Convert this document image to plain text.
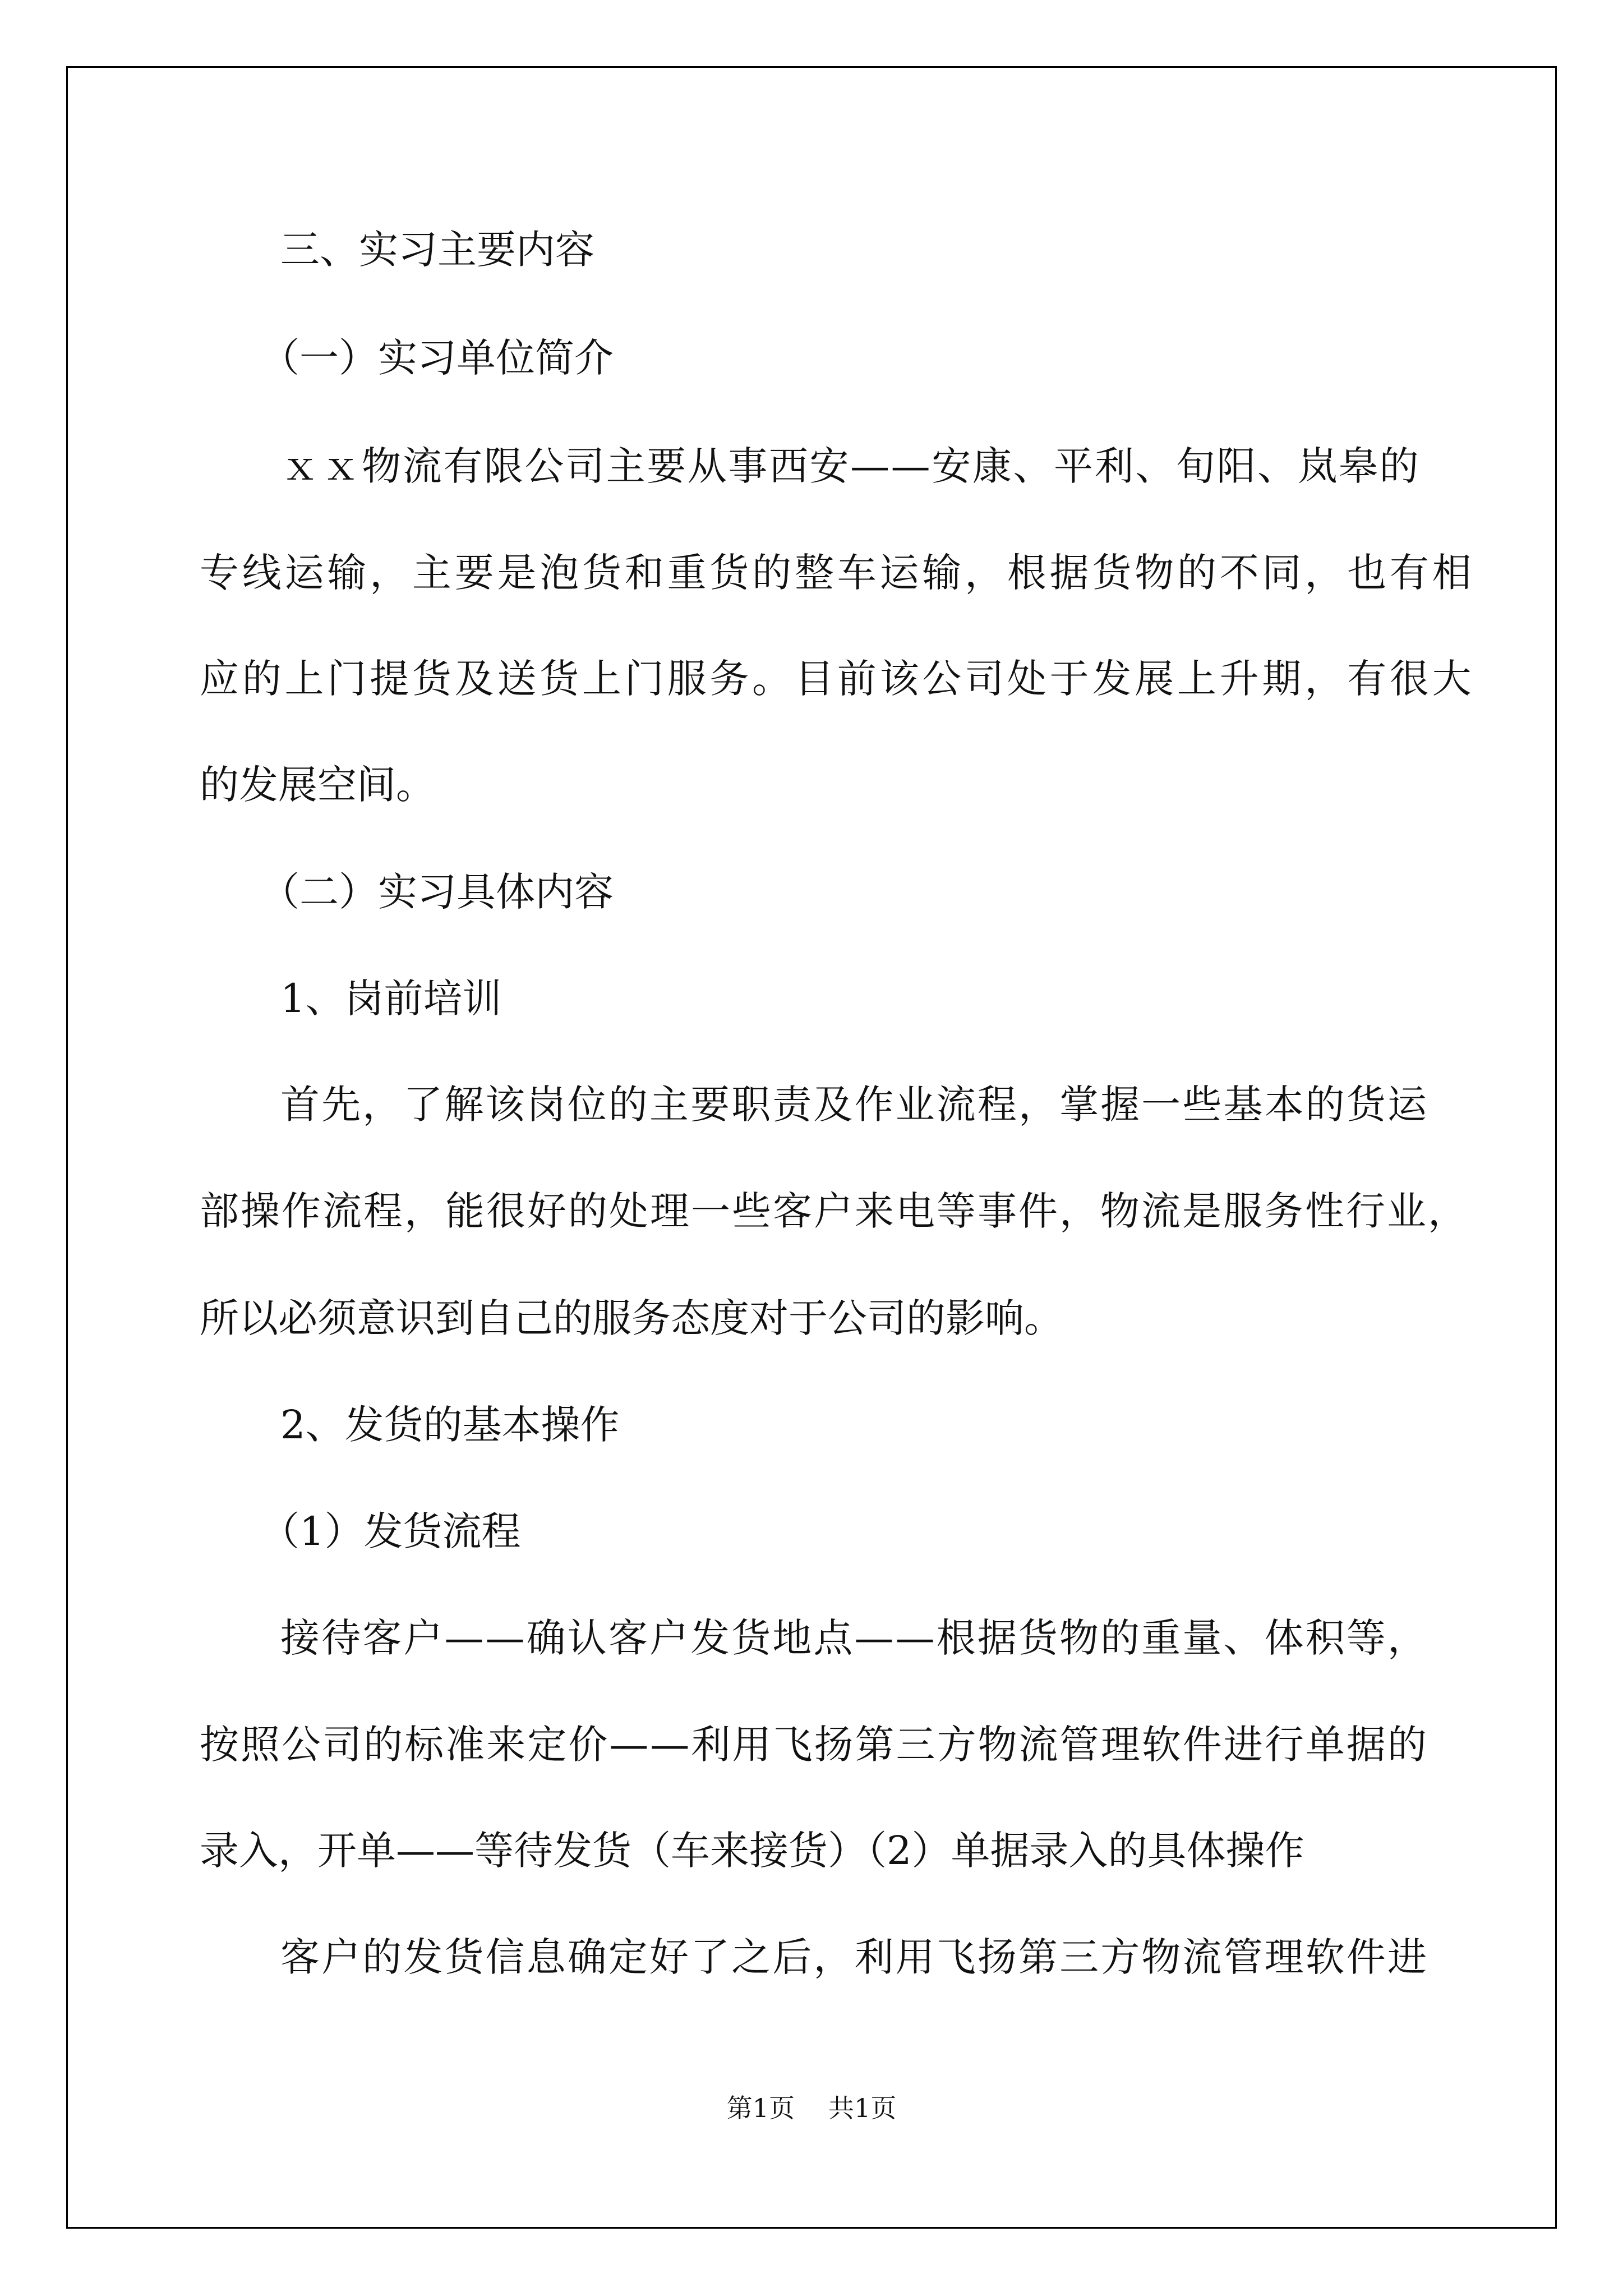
三、实习主要内容

（一）实习单位简介

ｘ ｘ 物 流 有 限 公 司 主 要 从 事 西 安 — — 安 康 、 平 利 、 旬 阳 、 岚 皋 的

专 线 运 输 ， 主 要 是 泡 货 和 重 货 的 整 车 运 输 ， 根 据 货 物 的 不 同 ， 也 有 相

应 的 上 门 提 货 及 送 货 上 门 服 务 。 目 前 该 公 司 处 于 发 展 上 升 期 ， 有 很 大

的发展空间。

（二）实习具体内容

1、岗前培训

首 先 ， 了 解 该 岗 位 的 主 要 职 责 及 作 业 流 程 ， 掌 握 一 些 基 本 的 货 运

部 操 作 流 程 ， 能 很 好 的 处 理 一 些 客 户 来 电 等 事 件 ， 物 流 是 服 务 性 行 业 ，

所以必须意识到自己的服务态度对于公司的影响。

2、发货的基本操作

（1）发货流程

接 待 客 户 — — 确 认 客 户 发 货 地 点 — — 根 据 货 物 的 重 量 、 体 积 等 ，

按 照 公 司 的 标 准 来 定 价 — — 利 用 飞 扬 第 三 方 物 流 管 理 软 件 进 行 单 据 的

录入，开单——等待发货（车来接货）（2）单据录入的具体操作

客 户 的 发 货 信 息 确 定 好 了 之 后 ， 利 用 飞 扬 第 三 方 物 流 管 理 软 件 进

第1页 共1页
